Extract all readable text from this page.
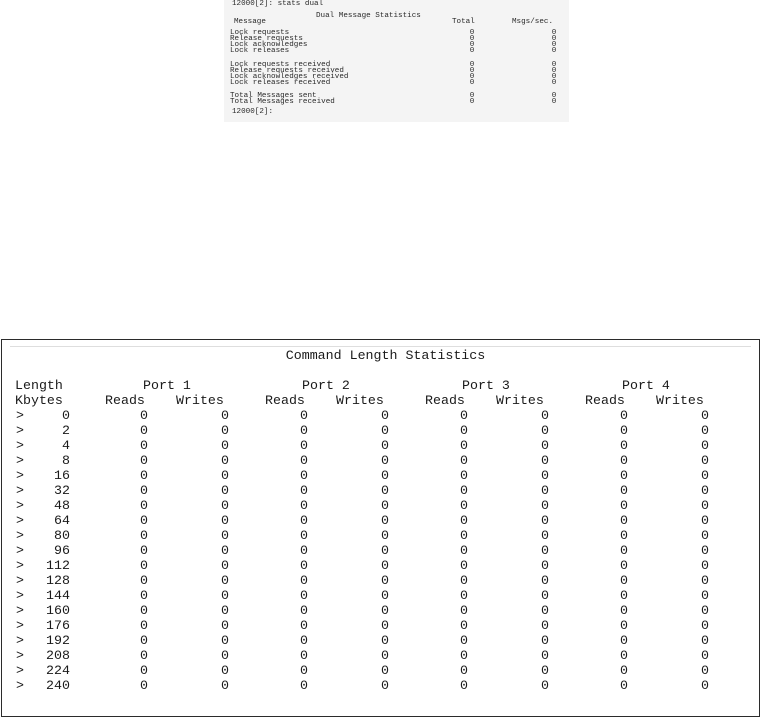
12000[2]: stats dual
Dual Message Statistics
Message	Total	Msgs/sec.
Lock requests	0	0
Release requests	0	0
Lock acknowledges	0	0
Lock releases	0	0
Lock requests received	0	0
Release requests received	0	0
Lock acknowledges received	0	0
Lock releases received	0	0
Total Messages sent	0	0
Total Messages received	0	0
12000[2]:
Command Length Statistics
Length
Kbytes
Port 1	Port 2	Port 3	Port 4
Reads Writes	Reads Writes	Reads Writes	Reads Writes
>	0	0	0	0	0	0	0	0	0
>	2	0	0	0	0	0	0	0	0
>	4	0	0	0	0	0	0	0	0
>	8	0	0	0	0	0	0	0	0
>	16	0	0	0	0	0	0	0	0
>	32	0	0	0	0	0	0	0	0
>	48	0	0	0	0	0	0	0	0
>	64	0	0	0	0	0	0	0	0
>	80	0	0	0	0	0	0	0	0
>	96	0	0	0	0	0	0	0	0
>	112	0	0	0	0	0	0	0	0
>	128	0	0	0	0	0	0	0	0
>	144	0	0	0	0	0	0	0	0
>	160	0	0	0	0	0	0	0	0
>	176	0	0	0	0	0	0	0	0
>	192	0	0	0	0	0	0	0	0
>	208	0	0	0	0	0	0	0	0
>	224	0	0	0	0	0	0	0	0
>	240	0	0	0	0	0	0	0	0
